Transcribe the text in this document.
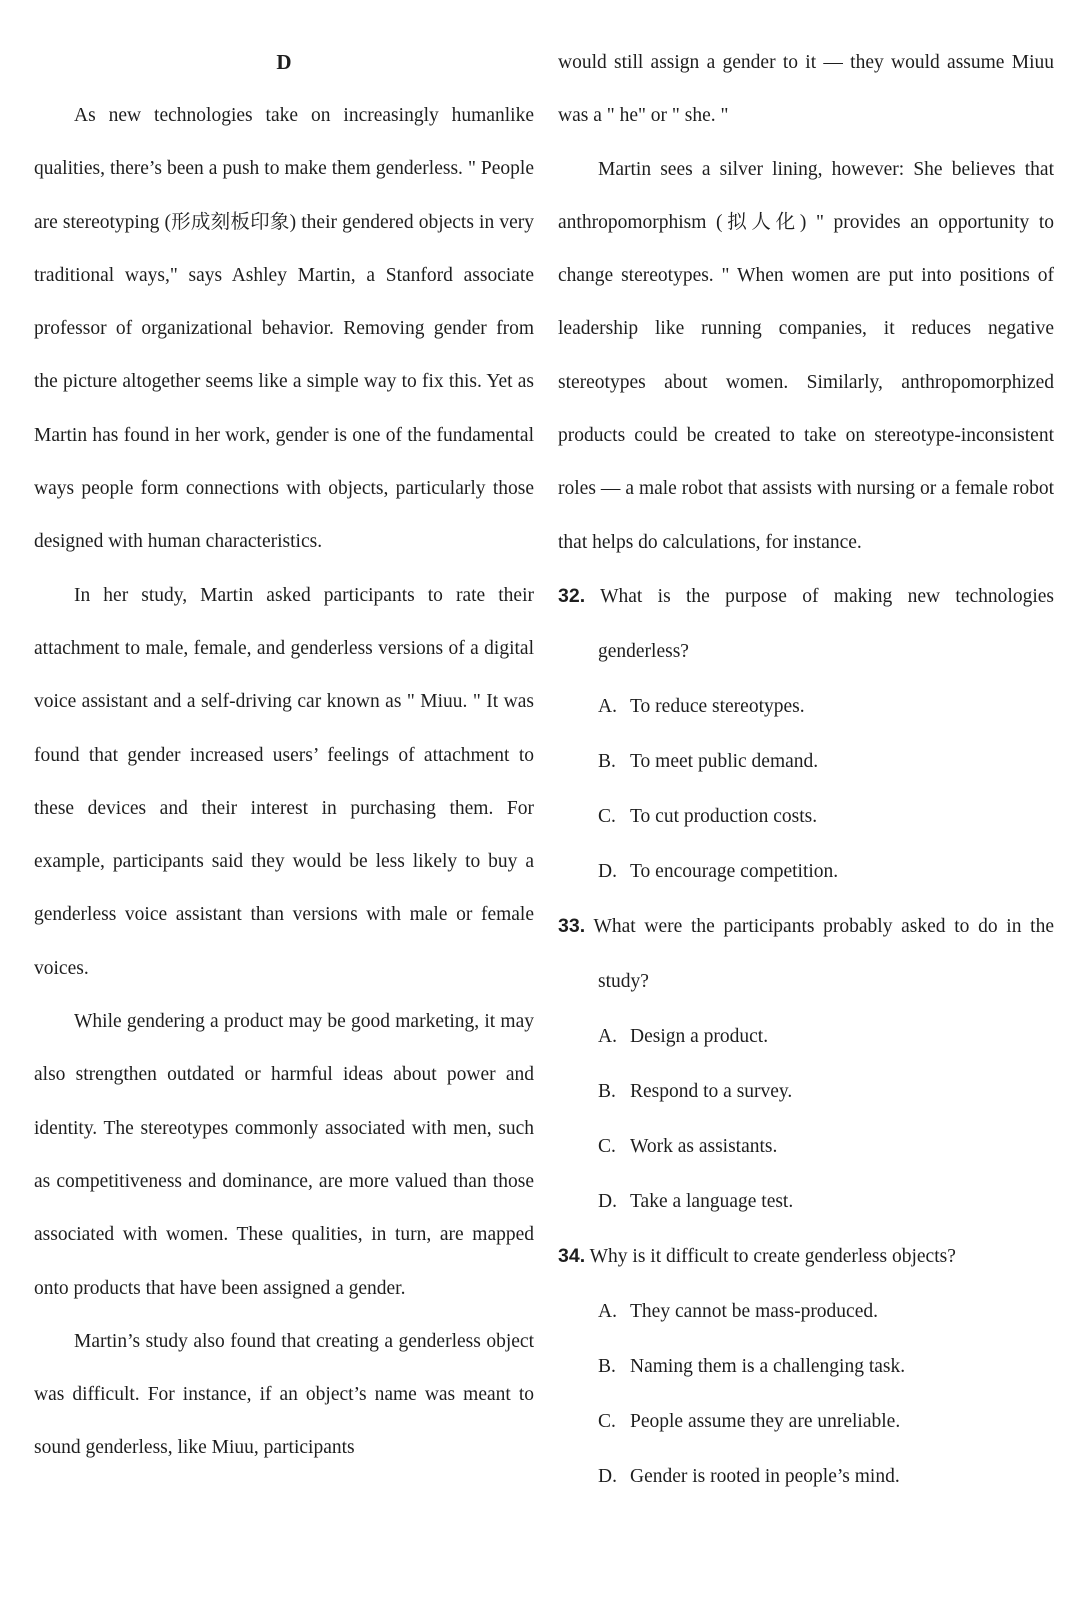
D

As new technologies take on increasingly humanlike qualities, there’s been a push to make them genderless. " People are stereotyping (形成刻板印象) their gendered objects in very traditional ways," says Ashley Martin, a Stanford associate professor of organizational behavior. Removing gender from the picture altogether seems like a simple way to fix this. Yet as Martin has found in her work, gender is one of the fundamental ways people form connections with objects, particularly those designed with human characteristics.

In her study, Martin asked participants to rate their attachment to male, female, and genderless versions of a digital voice assistant and a self-driving car known as " Miuu. " It was found that gender increased users’ feelings of attachment to these devices and their interest in purchasing them. For example, participants said they would be less likely to buy a genderless voice assistant than versions with male or female voices.

While gendering a product may be good marketing, it may also strengthen outdated or harmful ideas about power and identity. The stereotypes commonly associated with men, such as competitiveness and dominance, are more valued than those associated with women. These qualities, in turn, are mapped onto products that have been assigned a gender.

Martin’s study also found that creating a genderless object was difficult. For instance, if an object’s name was meant to sound genderless, like Miuu, participants

would still assign a gender to it — they would assume Miuu was a " he" or " she. "

Martin sees a silver lining, however: She believes that anthropomorphism (拟人化) " provides an opportunity to change stereotypes. " When women are put into positions of leadership like running companies, it reduces negative stereotypes about women. Similarly, anthropomorphized products could be created to take on stereotype-inconsistent roles — a male robot that assists with nursing or a female robot that helps do calculations, for instance.

32. What is the purpose of making new technologies genderless?

A. To reduce stereotypes.

B. To meet public demand.

C. To cut production costs.

D. To encourage competition.

33. What were the participants probably asked to do in the study?

A. Design a product.

B. Respond to a survey.

C. Work as assistants.

D. Take a language test.

34. Why is it difficult to create genderless objects?

A. They cannot be mass-produced.

B. Naming them is a challenging task.

C. People assume they are unreliable.

D. Gender is rooted in people’s mind.
